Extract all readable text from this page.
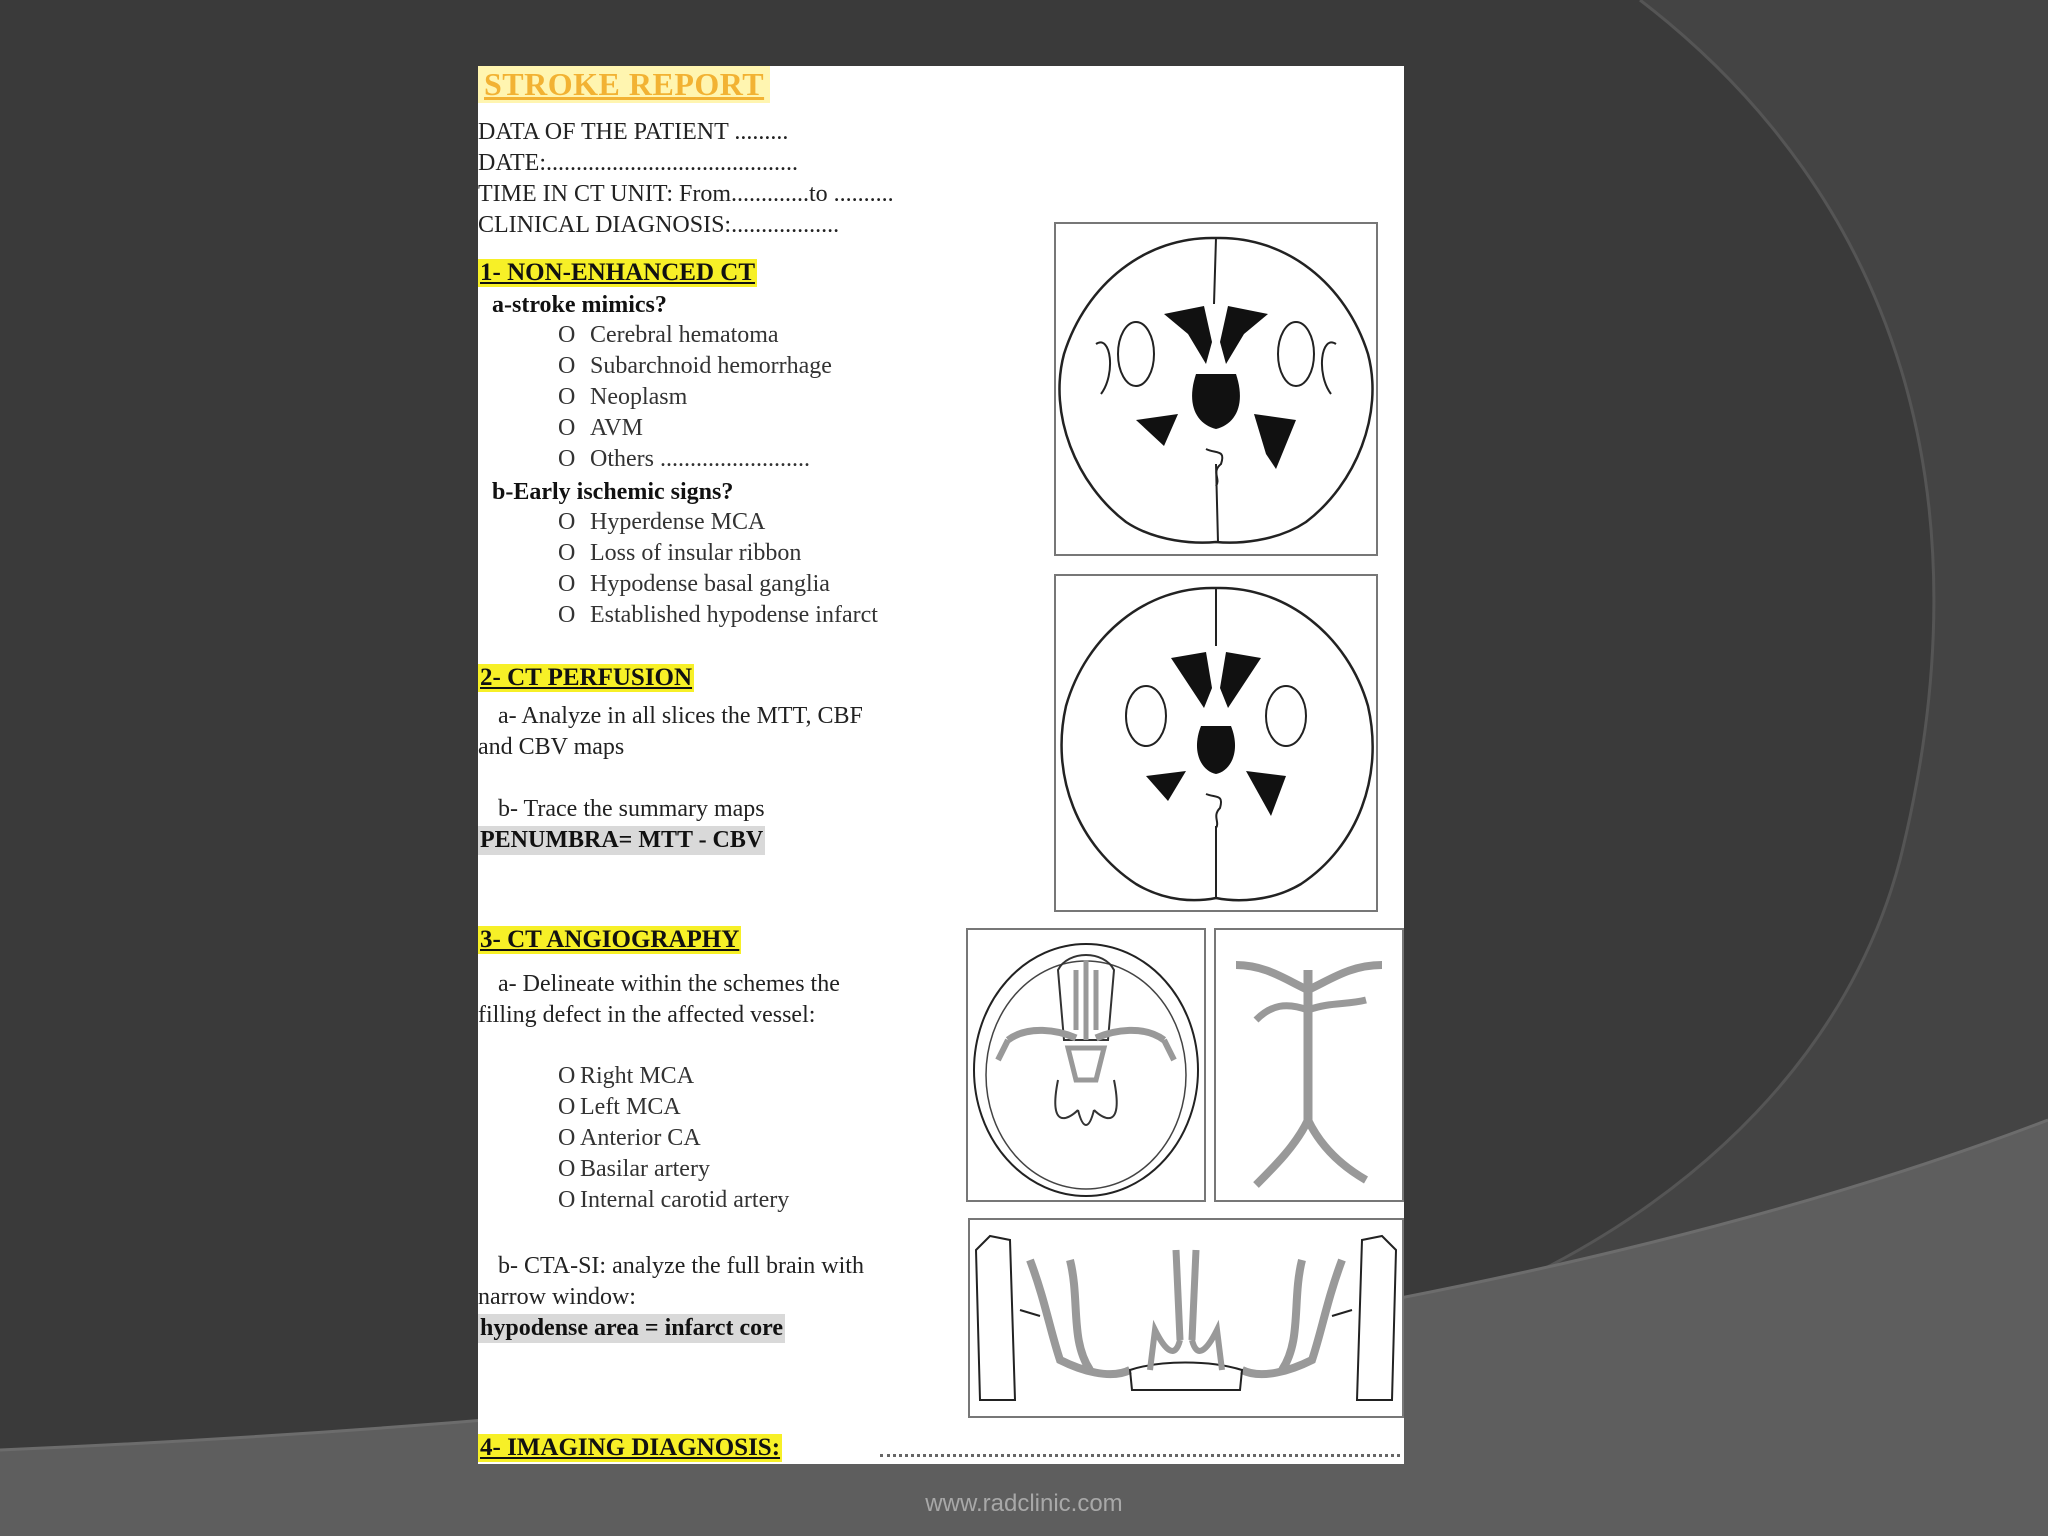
STROKE REPORT
DATA OF THE PATIENT .........
DATE:..........................................
TIME IN CT UNIT: From.............to ..........
CLINICAL DIAGNOSIS:..................
1- NON-ENHANCED CT
a-stroke mimics?
O Cerebral hematoma
O Subarchnoid hemorrhage
O Neoplasm
O AVM
O Others .........................
b-Early ischemic signs?
O Hyperdense MCA
O Loss of insular ribbon
O Hypodense basal ganglia
O Established hypodense infarct
2- CT PERFUSION
a- Analyze in all slices the MTT, CBF
and CBV maps
b- Trace the summary maps
PENUMBRA= MTT - CBV
3- CT ANGIOGRAPHY
a- Delineate within the schemes the
filling defect in the affected vessel:
O Right MCA
O Left MCA
O Anterior CA
O Basilar artery
O Internal carotid artery
b- CTA-SI: analyze the full brain with
narrow window:
hypodense area = infarct core
4- IMAGING DIAGNOSIS:
www.radclinic.com
